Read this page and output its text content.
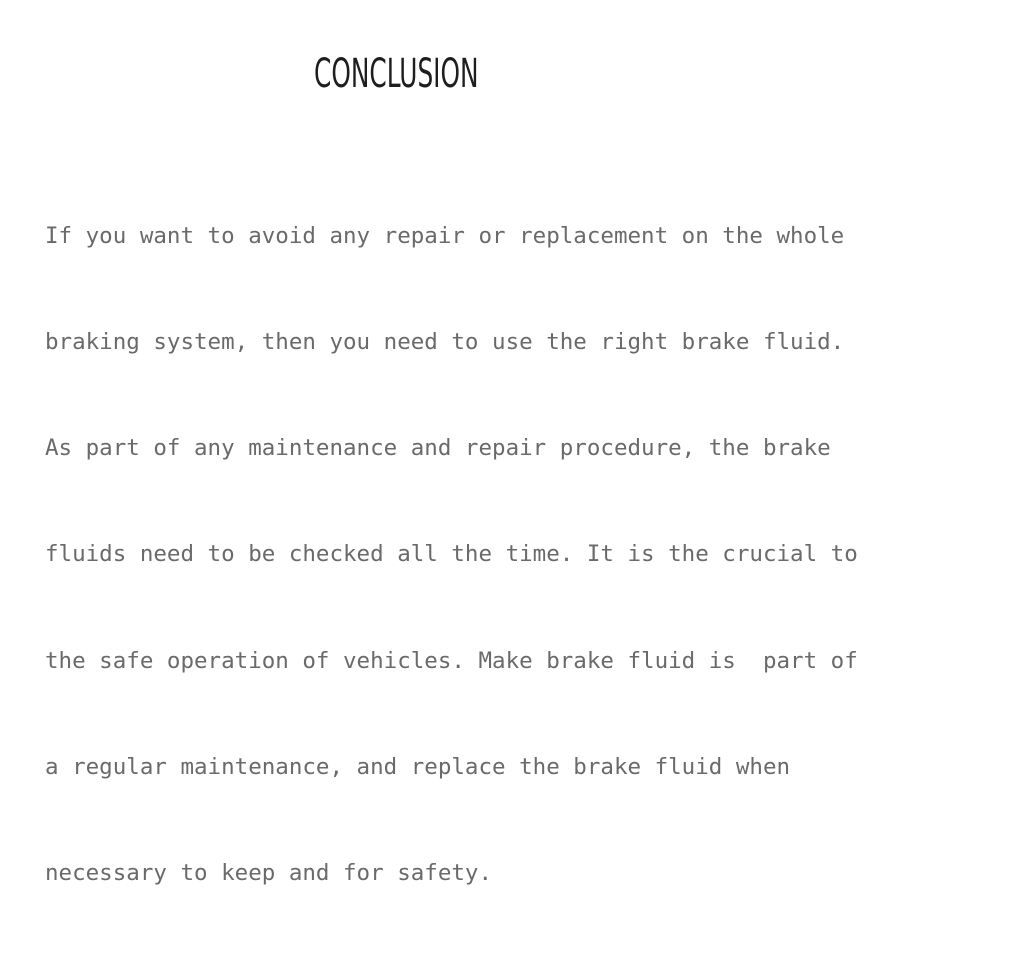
CONCLUSION

If you want to avoid any repair or replacement on the whole

braking system, then you need to use the right brake fluid.

As part of any maintenance and repair procedure, the brake

fluids need to be checked all the time. It is the crucial to

the safe operation of vehicles. Make brake fluid is  part of

a regular maintenance, and replace the brake fluid when

necessary to keep and for safety.
